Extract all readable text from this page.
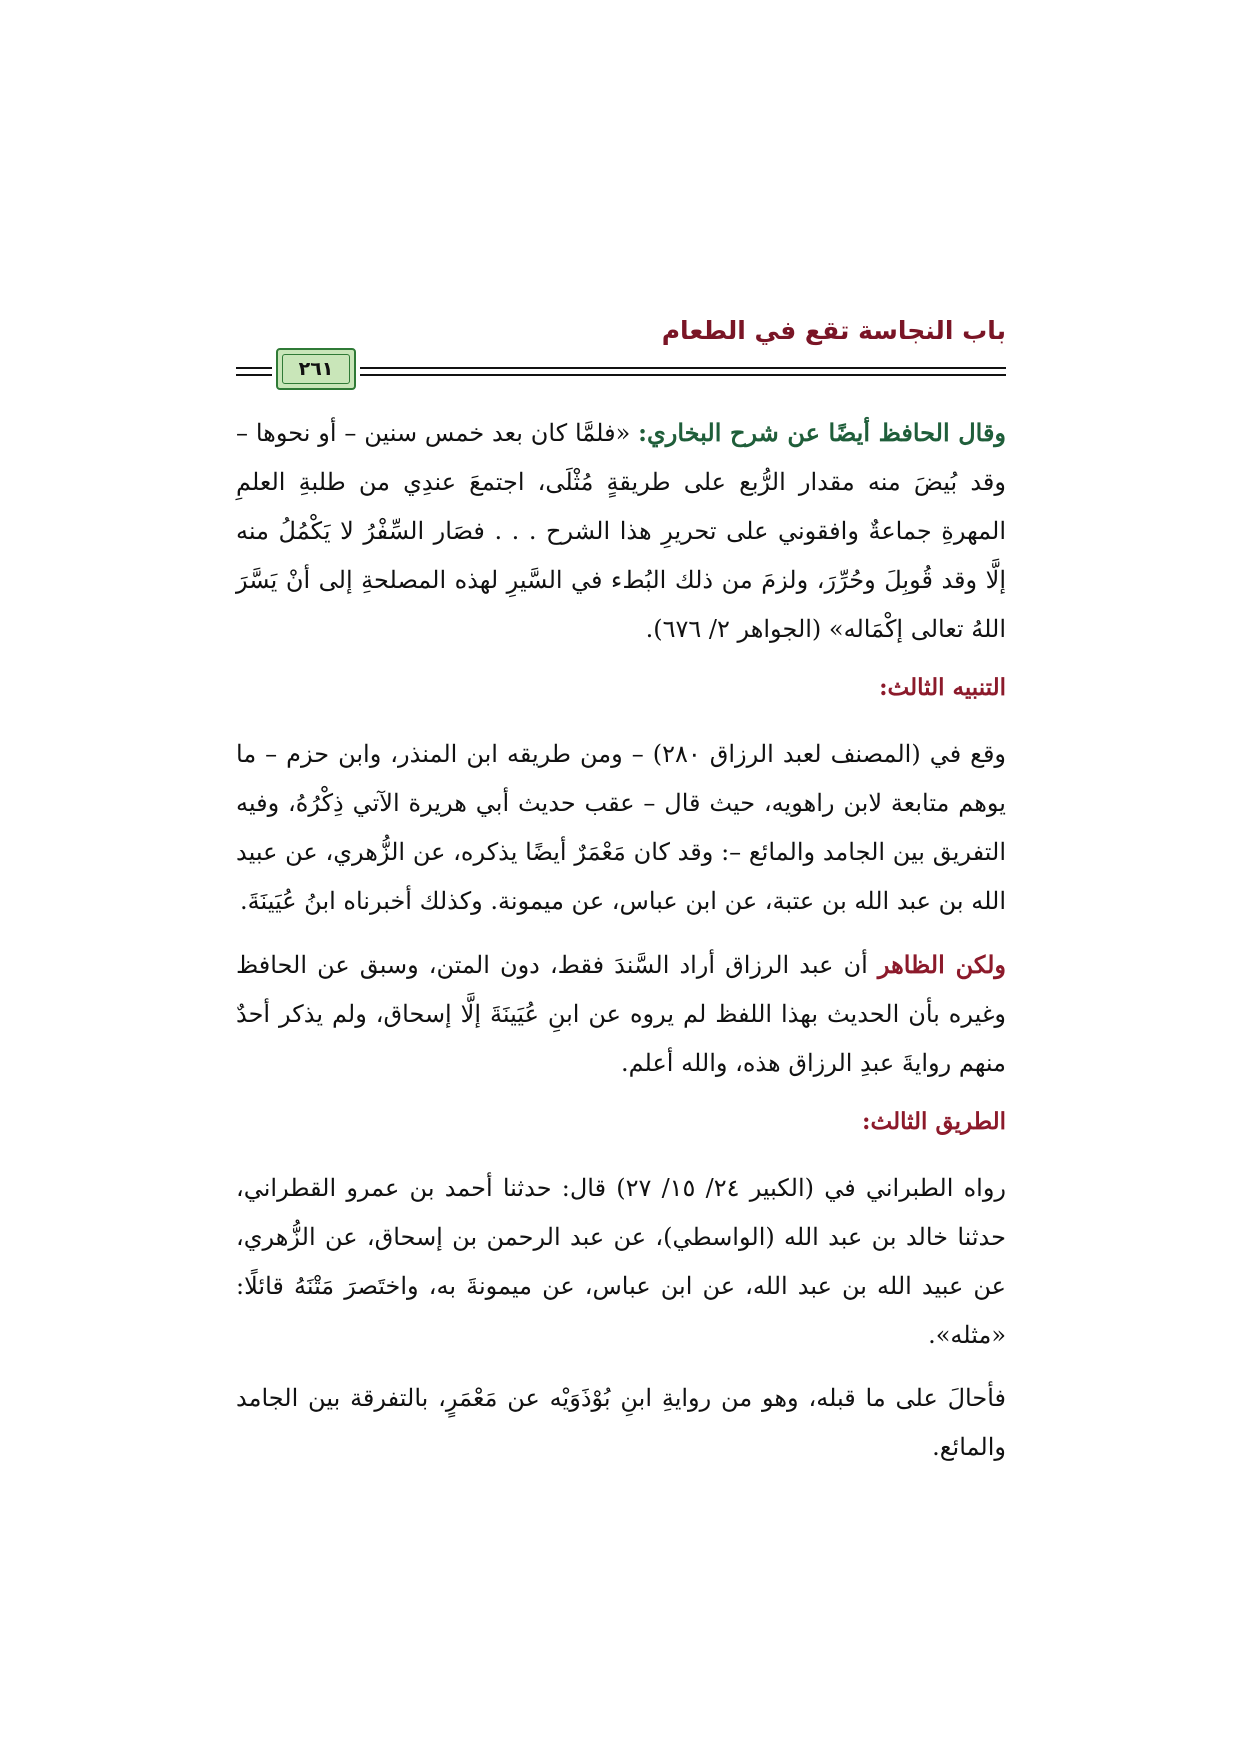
باب النجاسة تقع في الطعام
٢٦١

وقال الحافظ أيضًا عن شرح البخاري: «فلمَّا كان بعد خمس سنين – أو نحوها – وقد بُيضَ منه مقدار الرُّبع على طريقةٍ مُثْلَى، اجتمعَ عندِي من طلبةِ العلمِ المهرةِ جماعةٌ وافقوني على تحريرِ هذا الشرح . . . فصَار السِّفْرُ لا يَكْمُلُ منه إلَّا وقد قُوبِلَ وحُرِّرَ، ولزمَ من ذلك البُطء في السَّيرِ لهذه المصلحةِ إلى أنْ يَسَّرَ اللهُ تعالى إكْمَاله» (الجواهر ٢/ ٦٧٦).

التنبيه الثالث:

وقع في (المصنف لعبد الرزاق ٢٨٠) – ومن طريقه ابن المنذر، وابن حزم – ما يوهم متابعة لابن راهويه، حيث قال – عقب حديث أبي هريرة الآتي ذِكْرُهُ، وفيه التفريق بين الجامد والمائع –: وقد كان مَعْمَرٌ أيضًا يذكره، عن الزُّهري، عن عبيد الله بن عبد الله بن عتبة، عن ابن عباس، عن ميمونة. وكذلك أخبرناه ابنُ عُيَينَةَ.

ولكن الظاهر أن عبد الرزاق أراد السَّندَ فقط، دون المتن، وسبق عن الحافظ وغيره بأن الحديث بهذا اللفظ لم يروه عن ابنِ عُيَينَةَ إلَّا إسحاق، ولم يذكر أحدٌ منهم روايةَ عبدِ الرزاق هذه، والله أعلم.

الطريق الثالث:

رواه الطبراني في (الكبير ٢٤/ ١٥/ ٢٧) قال: حدثنا أحمد بن عمرو القطراني، حدثنا خالد بن عبد الله (الواسطي)، عن عبد الرحمن بن إسحاق، عن الزُّهري، عن عبيد الله بن عبد الله، عن ابن عباس، عن ميمونةَ به، واختَصرَ مَتْنَهُ قائلًا: «مثله».

فأحالَ على ما قبله، وهو من روايةِ ابنِ بُوْذَوَيْه عن مَعْمَرٍ، بالتفرقة بين الجامد والمائع.
